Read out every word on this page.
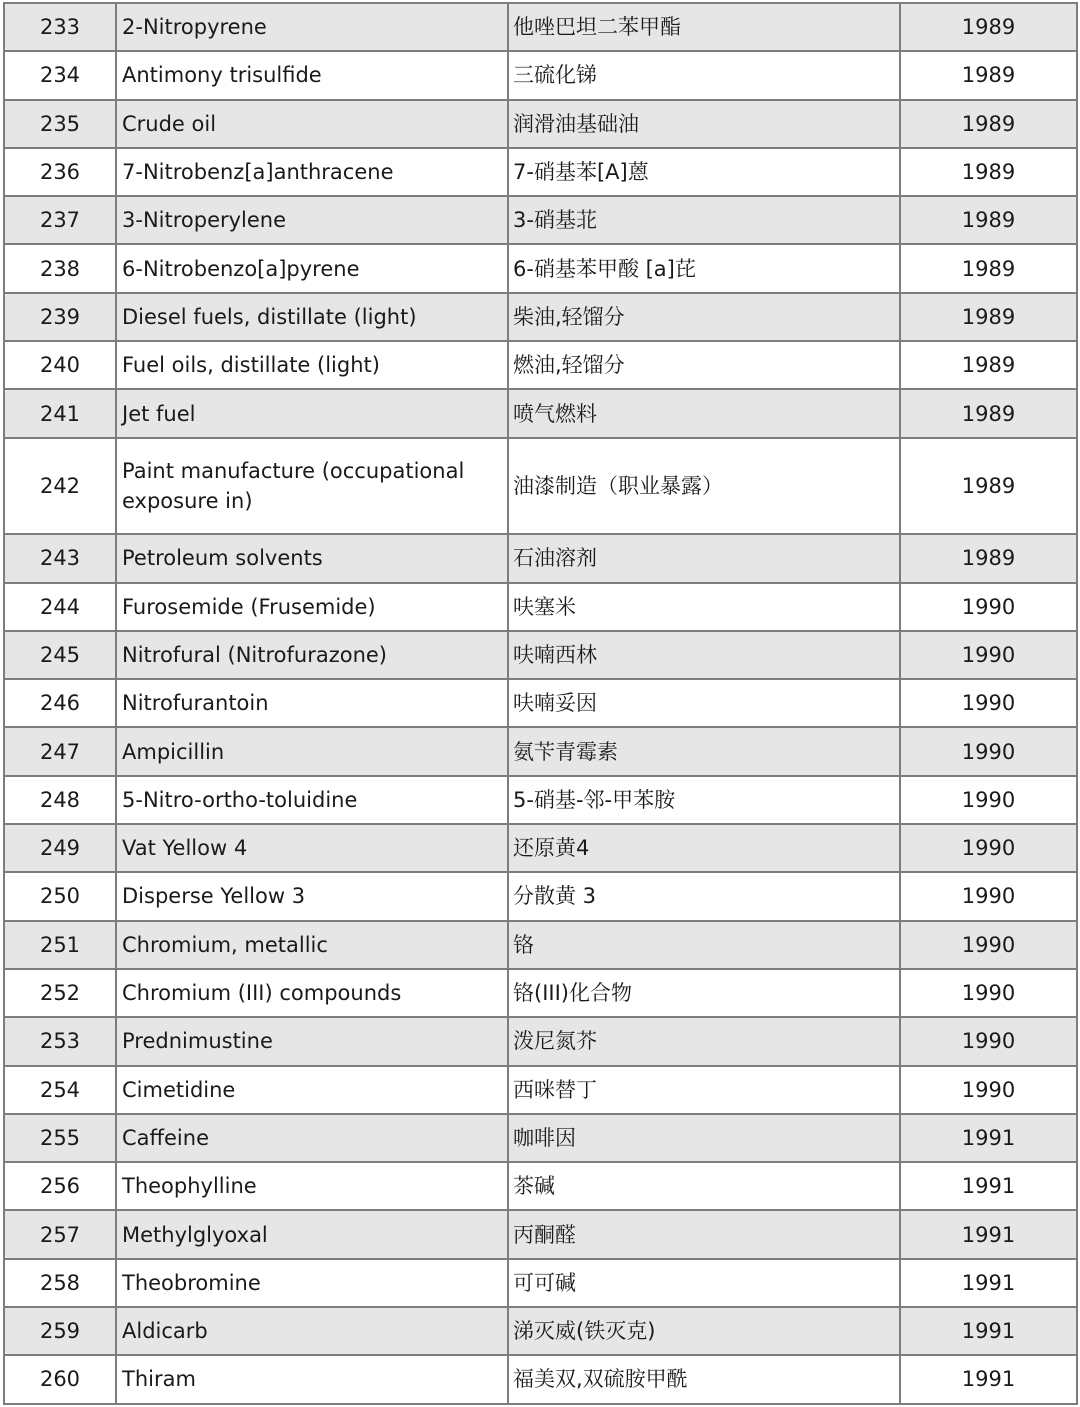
233	2-Nitropyrene	他唑巴坦二苯甲酯	1989
234	Antimony trisulfide	三硫化锑	1989
235	Crude oil	润滑油基础油	1989
236	7-Nitrobenz[a]anthracene	7-硝基苯[A]蒽	1989
237	3-Nitroperylene	3-硝基苝	1989
238	6-Nitrobenzo[a]pyrene	6-硝基苯甲酸 [a]芘	1989
239	Diesel fuels, distillate (light)	柴油,轻馏分	1989
240	Fuel oils, distillate (light)	燃油,轻馏分	1989
241	Jet fuel	喷气燃料	1989
242	Paint manufacture (occupational exposure in)	油漆制造（职业暴露）	1989
243	Petroleum solvents	石油溶剂	1989
244	Furosemide (Frusemide)	呋塞米	1990
245	Nitrofural (Nitrofurazone)	呋喃西林	1990
246	Nitrofurantoin	呋喃妥因	1990
247	Ampicillin	氨苄青霉素	1990
248	5-Nitro-ortho-toluidine	5-硝基-邻-甲苯胺	1990
249	Vat Yellow 4	还原黄4	1990
250	Disperse Yellow 3	分散黄 3	1990
251	Chromium, metallic	铬	1990
252	Chromium (III) compounds	铬(III)化合物	1990
253	Prednimustine	泼尼氮芥	1990
254	Cimetidine	西咪替丁	1990
255	Caffeine	咖啡因	1991
256	Theophylline	茶碱	1991
257	Methylglyoxal	丙酮醛	1991
258	Theobromine	可可碱	1991
259	Aldicarb	涕灭威(铁灭克)	1991
260	Thiram	福美双,双硫胺甲酰	1991
